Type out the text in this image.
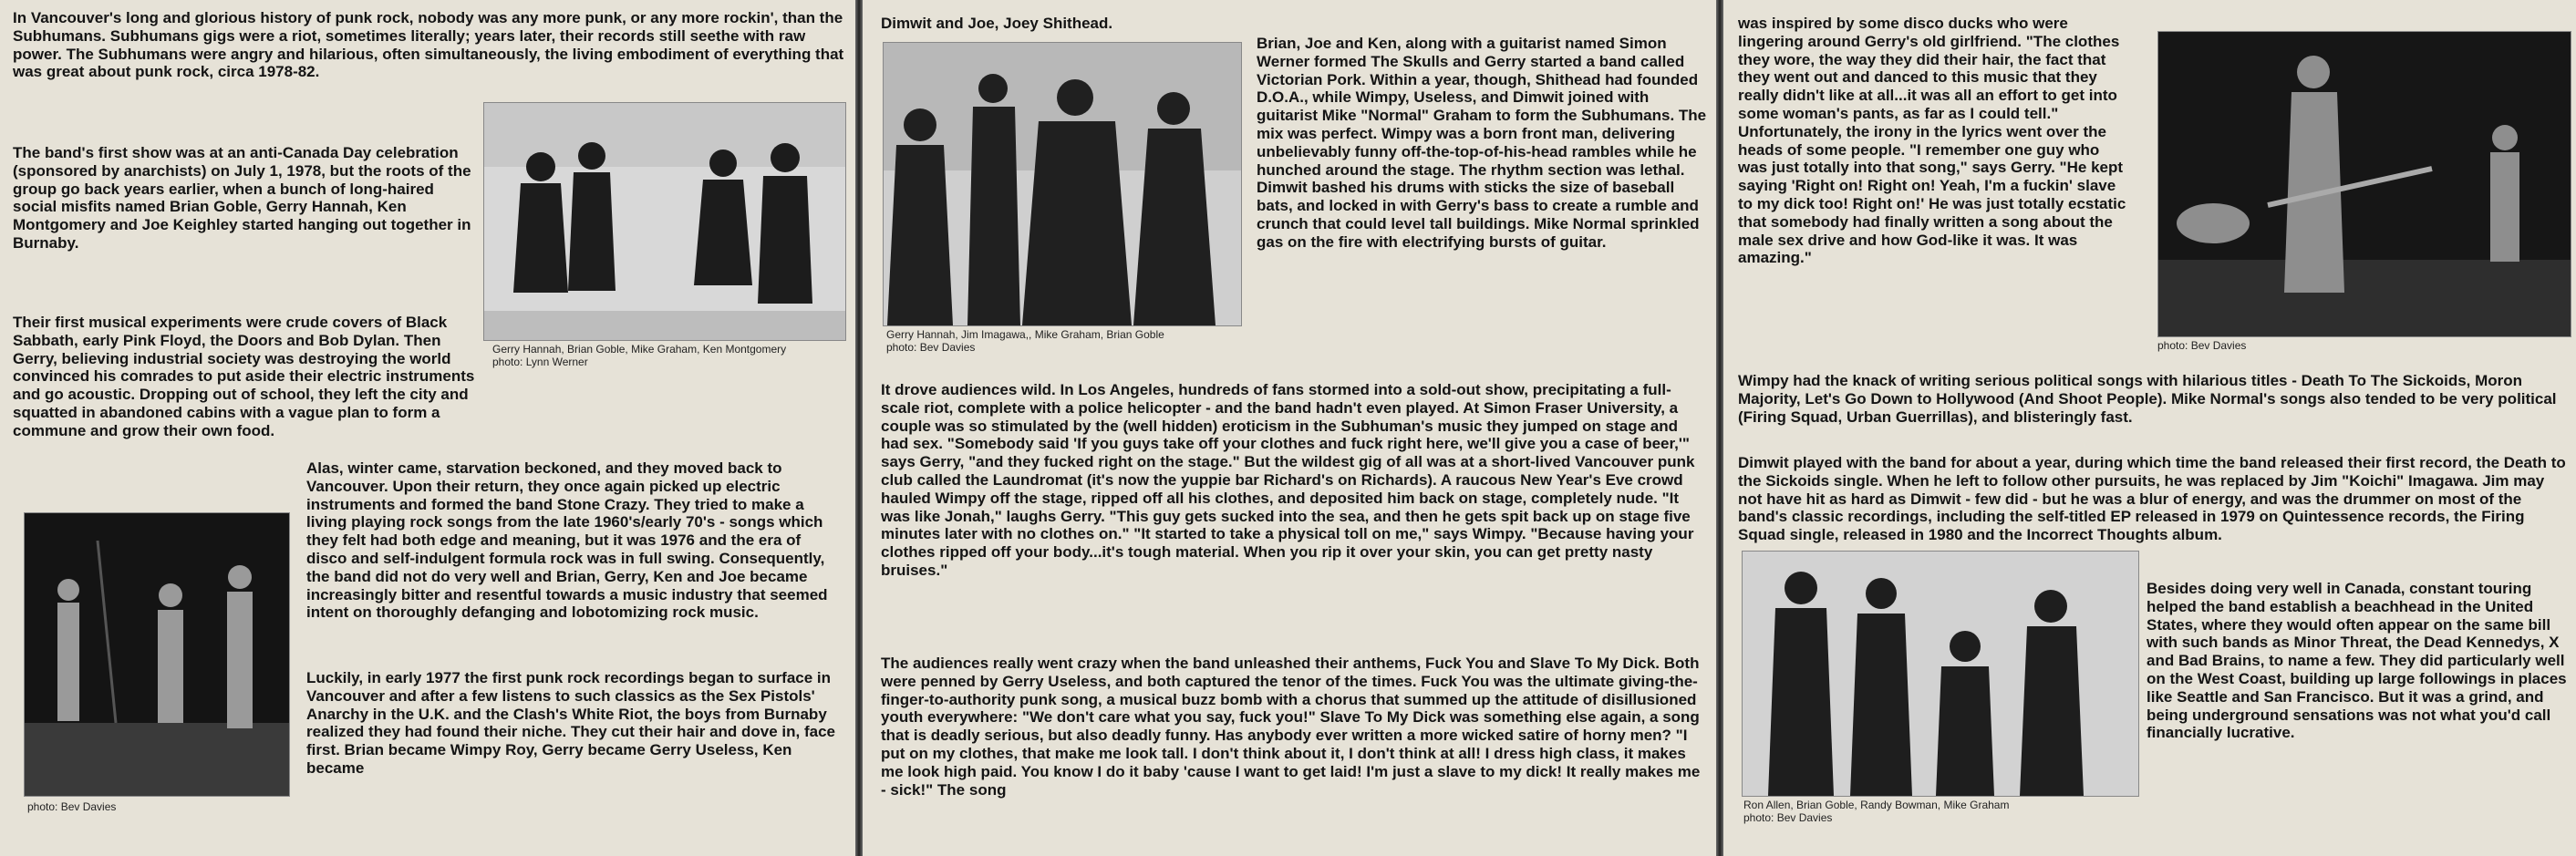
In Vancouver's long and glorious history of punk rock, nobody was any more punk, or any more rockin', than the Subhumans. Subhumans gigs were a riot, sometimes literally; years later, their records still seethe with raw power. The Subhumans were angry and hilarious, often simultaneously, the living embodiment of everything that was great about punk rock, circa 1978-82.

The band's first show was at an anti-Canada Day celebration (sponsored by anarchists) on July 1, 1978, but the roots of the group go back years earlier, when a bunch of long-haired social misfits named Brian Goble, Gerry Hannah, Ken Montgomery and Joe Keighley started hanging out together in Burnaby.

Their first musical experiments were crude covers of Black Sabbath, early Pink Floyd, the Doors and Bob Dylan. Then Gerry, believing industrial society was destroying the world convinced his comrades to put aside their electric instruments and go acoustic. Dropping out of school, they left the city and squatted in abandoned cabins with a vague plan to form a commune and grow their own food.

Gerry Hannah, Brian Goble, Mike Graham, Ken Montgomery
photo: Lynn Werner

Alas, winter came, starvation beckoned, and they moved back to Vancouver. Upon their return, they once again picked up electric instruments and formed the band Stone Crazy. They tried to make a living playing rock songs from the late 1960's/early 70's - songs which they felt had both edge and meaning, but it was 1976 and the era of disco and self-indulgent formula rock was in full swing. Consequently, the band did not do very well and Brian, Gerry, Ken and Joe became increasingly bitter and resentful towards a music industry that seemed intent on thoroughly defanging and lobotomizing rock music.

Luckily, in early 1977 the first punk rock recordings began to surface in Vancouver and after a few listens to such classics as the Sex Pistols' Anarchy in the U.K. and the Clash's White Riot, the boys from Burnaby realized they had found their niche. They cut their hair and dove in, face first. Brian became Wimpy Roy, Gerry became Gerry Useless, Ken became

photo: Bev Davies

Dimwit and Joe, Joey Shithead.

Gerry Hannah, Jim Imagawa,, Mike Graham, Brian Goble
photo: Bev Davies

Brian, Joe and Ken, along with a guitarist named Simon Werner formed The Skulls and Gerry started a band called Victorian Pork. Within a year, though, Shithead had founded D.O.A., while Wimpy, Useless, and Dimwit joined with guitarist Mike "Normal" Graham to form the Subhumans. The mix was perfect. Wimpy was a born front man, delivering unbelievably funny off-the-top-of-his-head rambles while he hunched around the stage. The rhythm section was lethal. Dimwit bashed his drums with sticks the size of baseball bats, and locked in with Gerry's bass to create a rumble and crunch that could level tall buildings. Mike Normal sprinkled gas on the fire with electrifying bursts of guitar.

It drove audiences wild. In Los Angeles, hundreds of fans stormed into a sold-out show, precipitating a full-scale riot, complete with a police helicopter - and the band hadn't even played. At Simon Fraser University, a couple was so stimulated by the (well hidden) eroticism in the Subhuman's music they jumped on stage and had sex. "Somebody said 'If you guys take off your clothes and fuck right here, we'll give you a case of beer,'" says Gerry, "and they fucked right on the stage." But the wildest gig of all was at a short-lived Vancouver punk club called the Laundromat (it's now the yuppie bar Richard's on Richards). A raucous New Year's Eve crowd hauled Wimpy off the stage, ripped off all his clothes, and deposited him back on stage, completely nude. "It was like Jonah," laughs Gerry. "This guy gets sucked into the sea, and then he gets spit back up on stage five minutes later with no clothes on." "It started to take a physical toll on me," says Wimpy. "Because having your clothes ripped off your body...it's tough material. When you rip it over your skin, you can get pretty nasty bruises."

The audiences really went crazy when the band unleashed their anthems, Fuck You and Slave To My Dick. Both were penned by Gerry Useless, and both captured the tenor of the times. Fuck You was the ultimate giving-the-finger-to-authority punk song, a musical buzz bomb with a chorus that summed up the attitude of disillusioned youth everywhere: "We don't care what you say, fuck you!" Slave To My Dick was something else again, a song that is deadly serious, but also deadly funny. Has anybody ever written a more wicked satire of horny men? "I put on my clothes, that make me look tall. I don't think about it, I don't think at all! I dress high class, it makes me look high paid. You know I do it baby 'cause I want to get laid! I'm just a slave to my dick! It really makes me - sick!" The song

was inspired by some disco ducks who were lingering around Gerry's old girlfriend. "The clothes they wore, the way they did their hair, the fact that they went out and danced to this music that they really didn't like at all...it was all an effort to get into some woman's pants, as far as I could tell." Unfortunately, the irony in the lyrics went over the heads of some people. "I remember one guy who was just totally into that song," says Gerry. "He kept saying 'Right on! Right on! Yeah, I'm a fuckin' slave to my dick too! Right on!' He was just totally ecstatic that somebody had finally written a song about the male sex drive and how God-like it was. It was amazing."

photo: Bev Davies

Wimpy had the knack of writing serious political songs with hilarious titles - Death To The Sickoids, Moron Majority, Let's Go Down to Hollywood (And Shoot People). Mike Normal's songs also tended to be very political (Firing Squad, Urban Guerrillas), and blisteringly fast.

Dimwit played with the band for about a year, during which time the band released their first record, the Death to the Sickoids single. When he left to follow other pursuits, he was replaced by Jim "Koichi" Imagawa. Jim may not have hit as hard as Dimwit - few did - but he was a blur of energy, and was the drummer on most of the band's classic recordings, including the self-titled EP released in 1979 on Quintessence records, the Firing Squad single, released in 1980 and the Incorrect Thoughts album.

Ron Allen, Brian Goble, Randy Bowman, Mike Graham
photo: Bev Davies

Besides doing very well in Canada, constant touring helped the band establish a beachhead in the United States, where they would often appear on the same bill with such bands as Minor Threat, the Dead Kennedys, X and Bad Brains, to name a few. They did particularly well on the West Coast, building up large followings in places like Seattle and San Francisco. But it was a grind, and being underground sensations was not what you'd call financially lucrative.
